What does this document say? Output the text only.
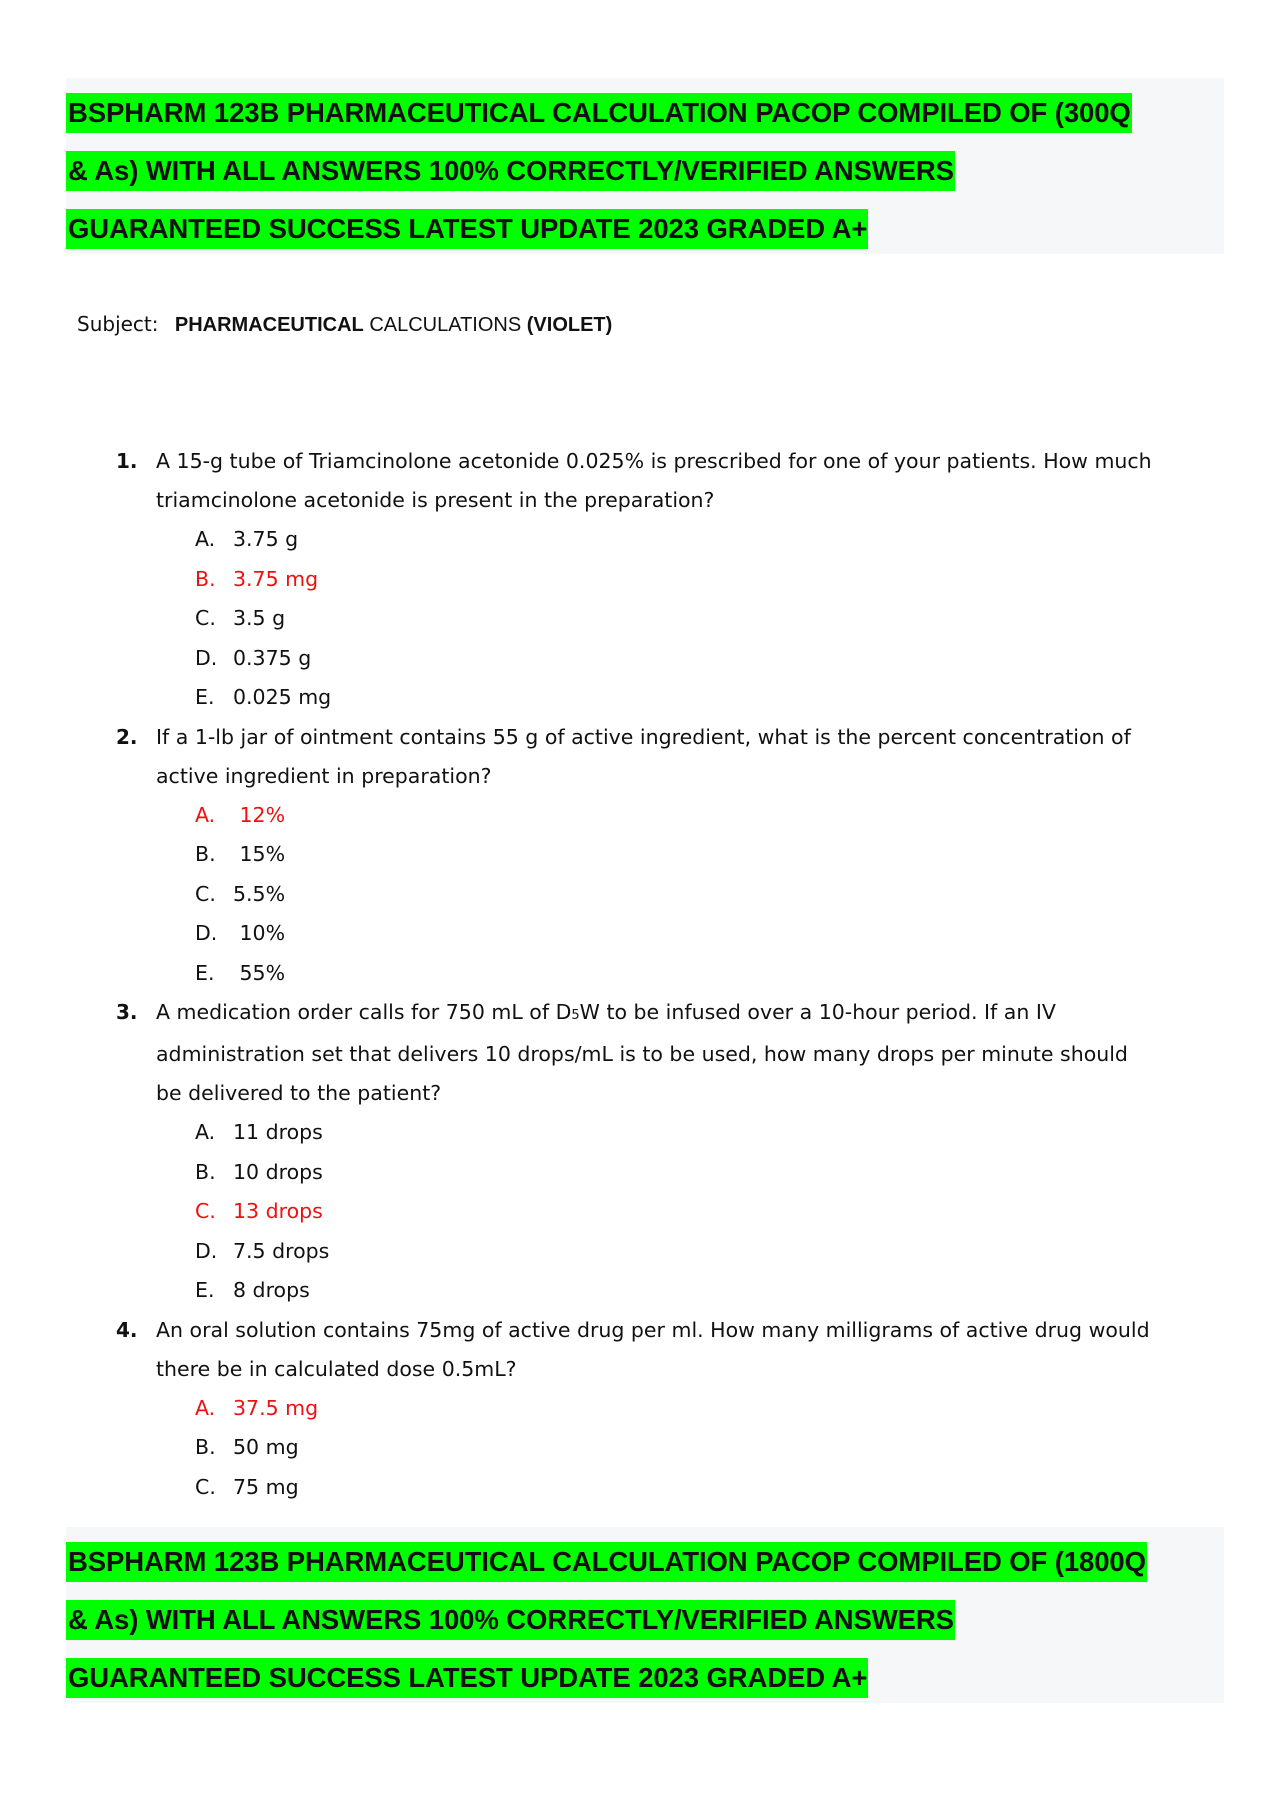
BSPHARM 123B PHARMACEUTICAL CALCULATION PACOP COMPILED OF (300Q
& As) WITH ALL ANSWERS 100% CORRECTLY/VERIFIED ANSWERS
GUARANTEED SUCCESS LATEST UPDATE 2023 GRADED A+
Subject: PHARMACEUTICAL CALCULATIONS (VIOLET)
1. A 15-g tube of Triamcinolone acetonide 0.025% is prescribed for one of your patients. How much triamcinolone acetonide is present in the preparation?
A. 3.75 g
B. 3.75 mg
C. 3.5 g
D. 0.375 g
E. 0.025 mg
2. If a 1-lb jar of ointment contains 55 g of active ingredient, what is the percent concentration of active ingredient in preparation?
A. 12%
B. 15%
C. 5.5%
D. 10%
E. 55%
3. A medication order calls for 750 mL of D5W to be infused over a 10-hour period. If an IV administration set that delivers 10 drops/mL is to be used, how many drops per minute should be delivered to the patient?
A. 11 drops
B. 10 drops
C. 13 drops
D. 7.5 drops
E. 8 drops
4. An oral solution contains 75mg of active drug per ml. How many milligrams of active drug would there be in calculated dose 0.5mL?
A. 37.5 mg
B. 50 mg
C. 75 mg
BSPHARM 123B PHARMACEUTICAL CALCULATION PACOP COMPILED OF (1800Q
& As) WITH ALL ANSWERS 100% CORRECTLY/VERIFIED ANSWERS
GUARANTEED SUCCESS LATEST UPDATE 2023 GRADED A+
